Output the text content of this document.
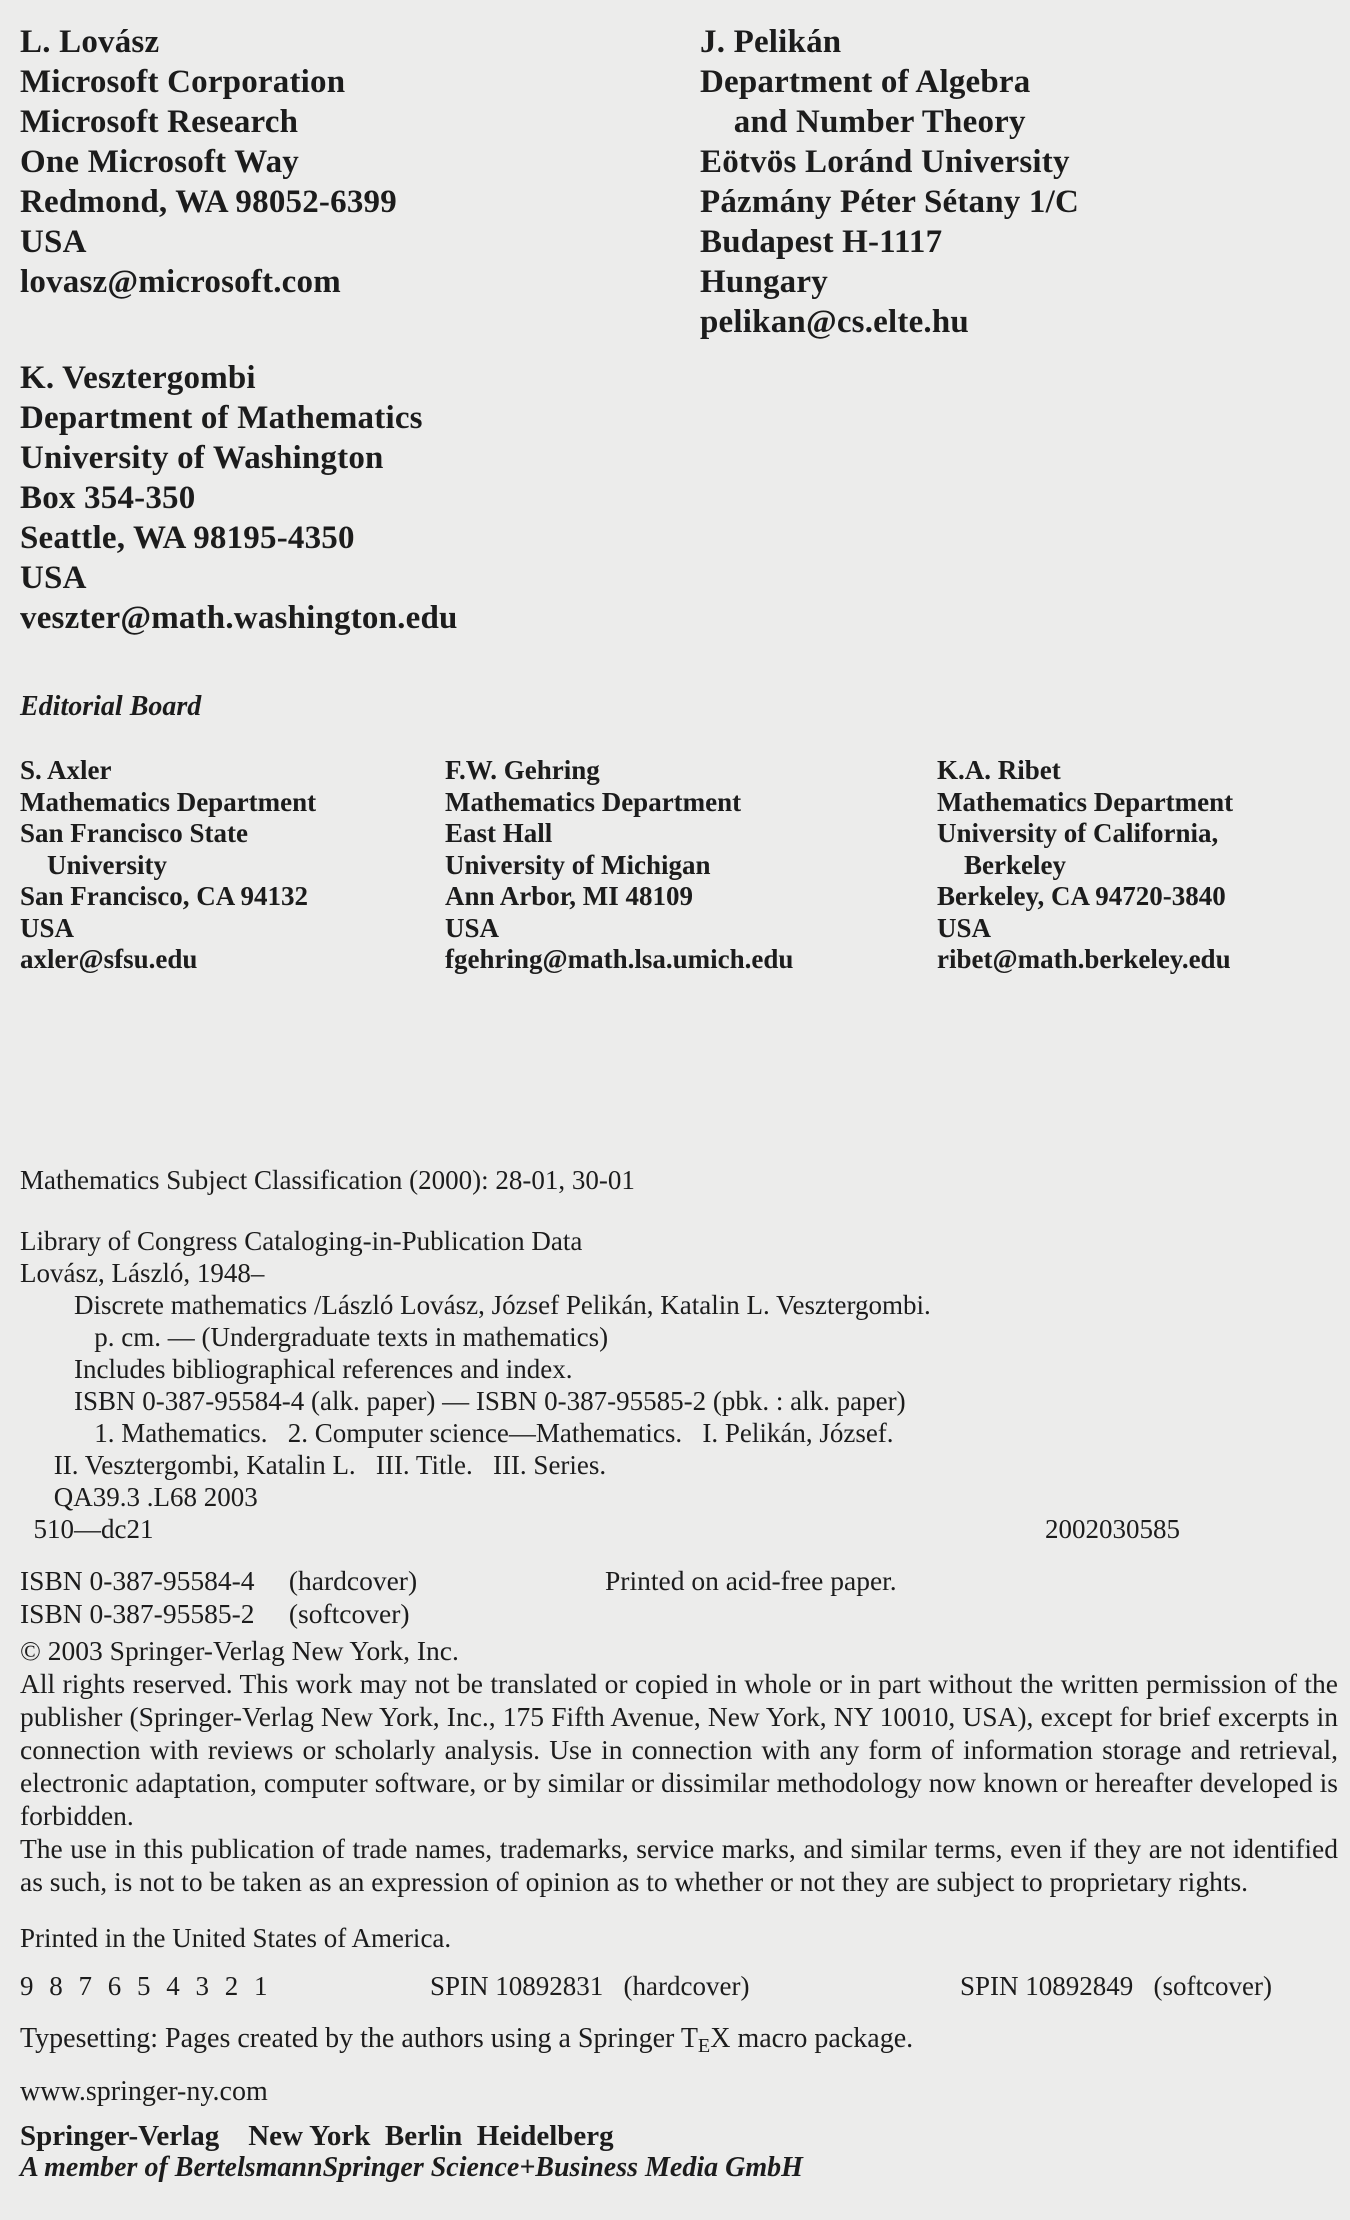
L. Lovász
Microsoft Corporation
Microsoft Research
One Microsoft Way
Redmond, WA 98052-6399
USA
lovasz@microsoft.com
K. Vesztergombi
Department of Mathematics
University of Washington
Box 354-350
Seattle, WA 98195-4350
USA
veszter@math.washington.edu
J. Pelikán
Department of Algebra
and Number Theory
Eötvös Loránd University
Pázmány Péter Sétany 1/C
Budapest H-1117
Hungary
pelikan@cs.elte.hu
Editorial Board
S. Axler
Mathematics Department
San Francisco State
University
San Francisco, CA 94132
USA
axler@sfsu.edu
F.W. Gehring
Mathematics Department
East Hall
University of Michigan
Ann Arbor, MI 48109
USA
fgehring@math.lsa.umich.edu
K.A. Ribet
Mathematics Department
University of California,
Berkeley
Berkeley, CA 94720-3840
USA
ribet@math.berkeley.edu
Mathematics Subject Classification (2000): 28-01, 30-01
Library of Congress Cataloging-in-Publication Data
Lovász, László, 1948–
Discrete mathematics /László Lovász, József Pelikán, Katalin L. Vesztergombi.
p. cm. — (Undergraduate texts in mathematics)
Includes bibliographical references and index.
ISBN 0-387-95584-4 (alk. paper) — ISBN 0-387-95585-2 (pbk. : alk. paper)
1. Mathematics.   2. Computer science—Mathematics.   I. Pelikán, József.
II. Vesztergombi, Katalin L.   III. Title.   III. Series.
QA39.3 .L68 2003
510—dc21	2002030585
ISBN 0-387-95584-4     (hardcover)
ISBN 0-387-95585-2     (softcover)
Printed on acid-free paper.
© 2003 Springer-Verlag New York, Inc.

All rights reserved. This work may not be translated or copied in whole or in part without the written permission of the publisher (Springer-Verlag New York, Inc., 175 Fifth Avenue, New York, NY 10010, USA), except for brief excerpts in connection with reviews or scholarly analysis. Use in connection with any form of information storage and retrieval, electronic adaptation, computer software, or by similar or dissimilar methodology now known or hereafter developed is forbidden.

The use in this publication of trade names, trademarks, service marks, and similar terms, even if they are not identified as such, is not to be taken as an expression of opinion as to whether or not they are subject to proprietary rights.

Printed in the United States of America.
9 8 7 6 5 4 3 2 1	SPIN 10892831   (hardcover)	SPIN 10892849   (softcover)
Typesetting: Pages created by the authors using a Springer $T_EX$ macro package.
www.springer-ny.com
Springer-Verlag    New York  Berlin  Heidelberg
A member of BertelsmannSpringer Science+Business Media GmbH
